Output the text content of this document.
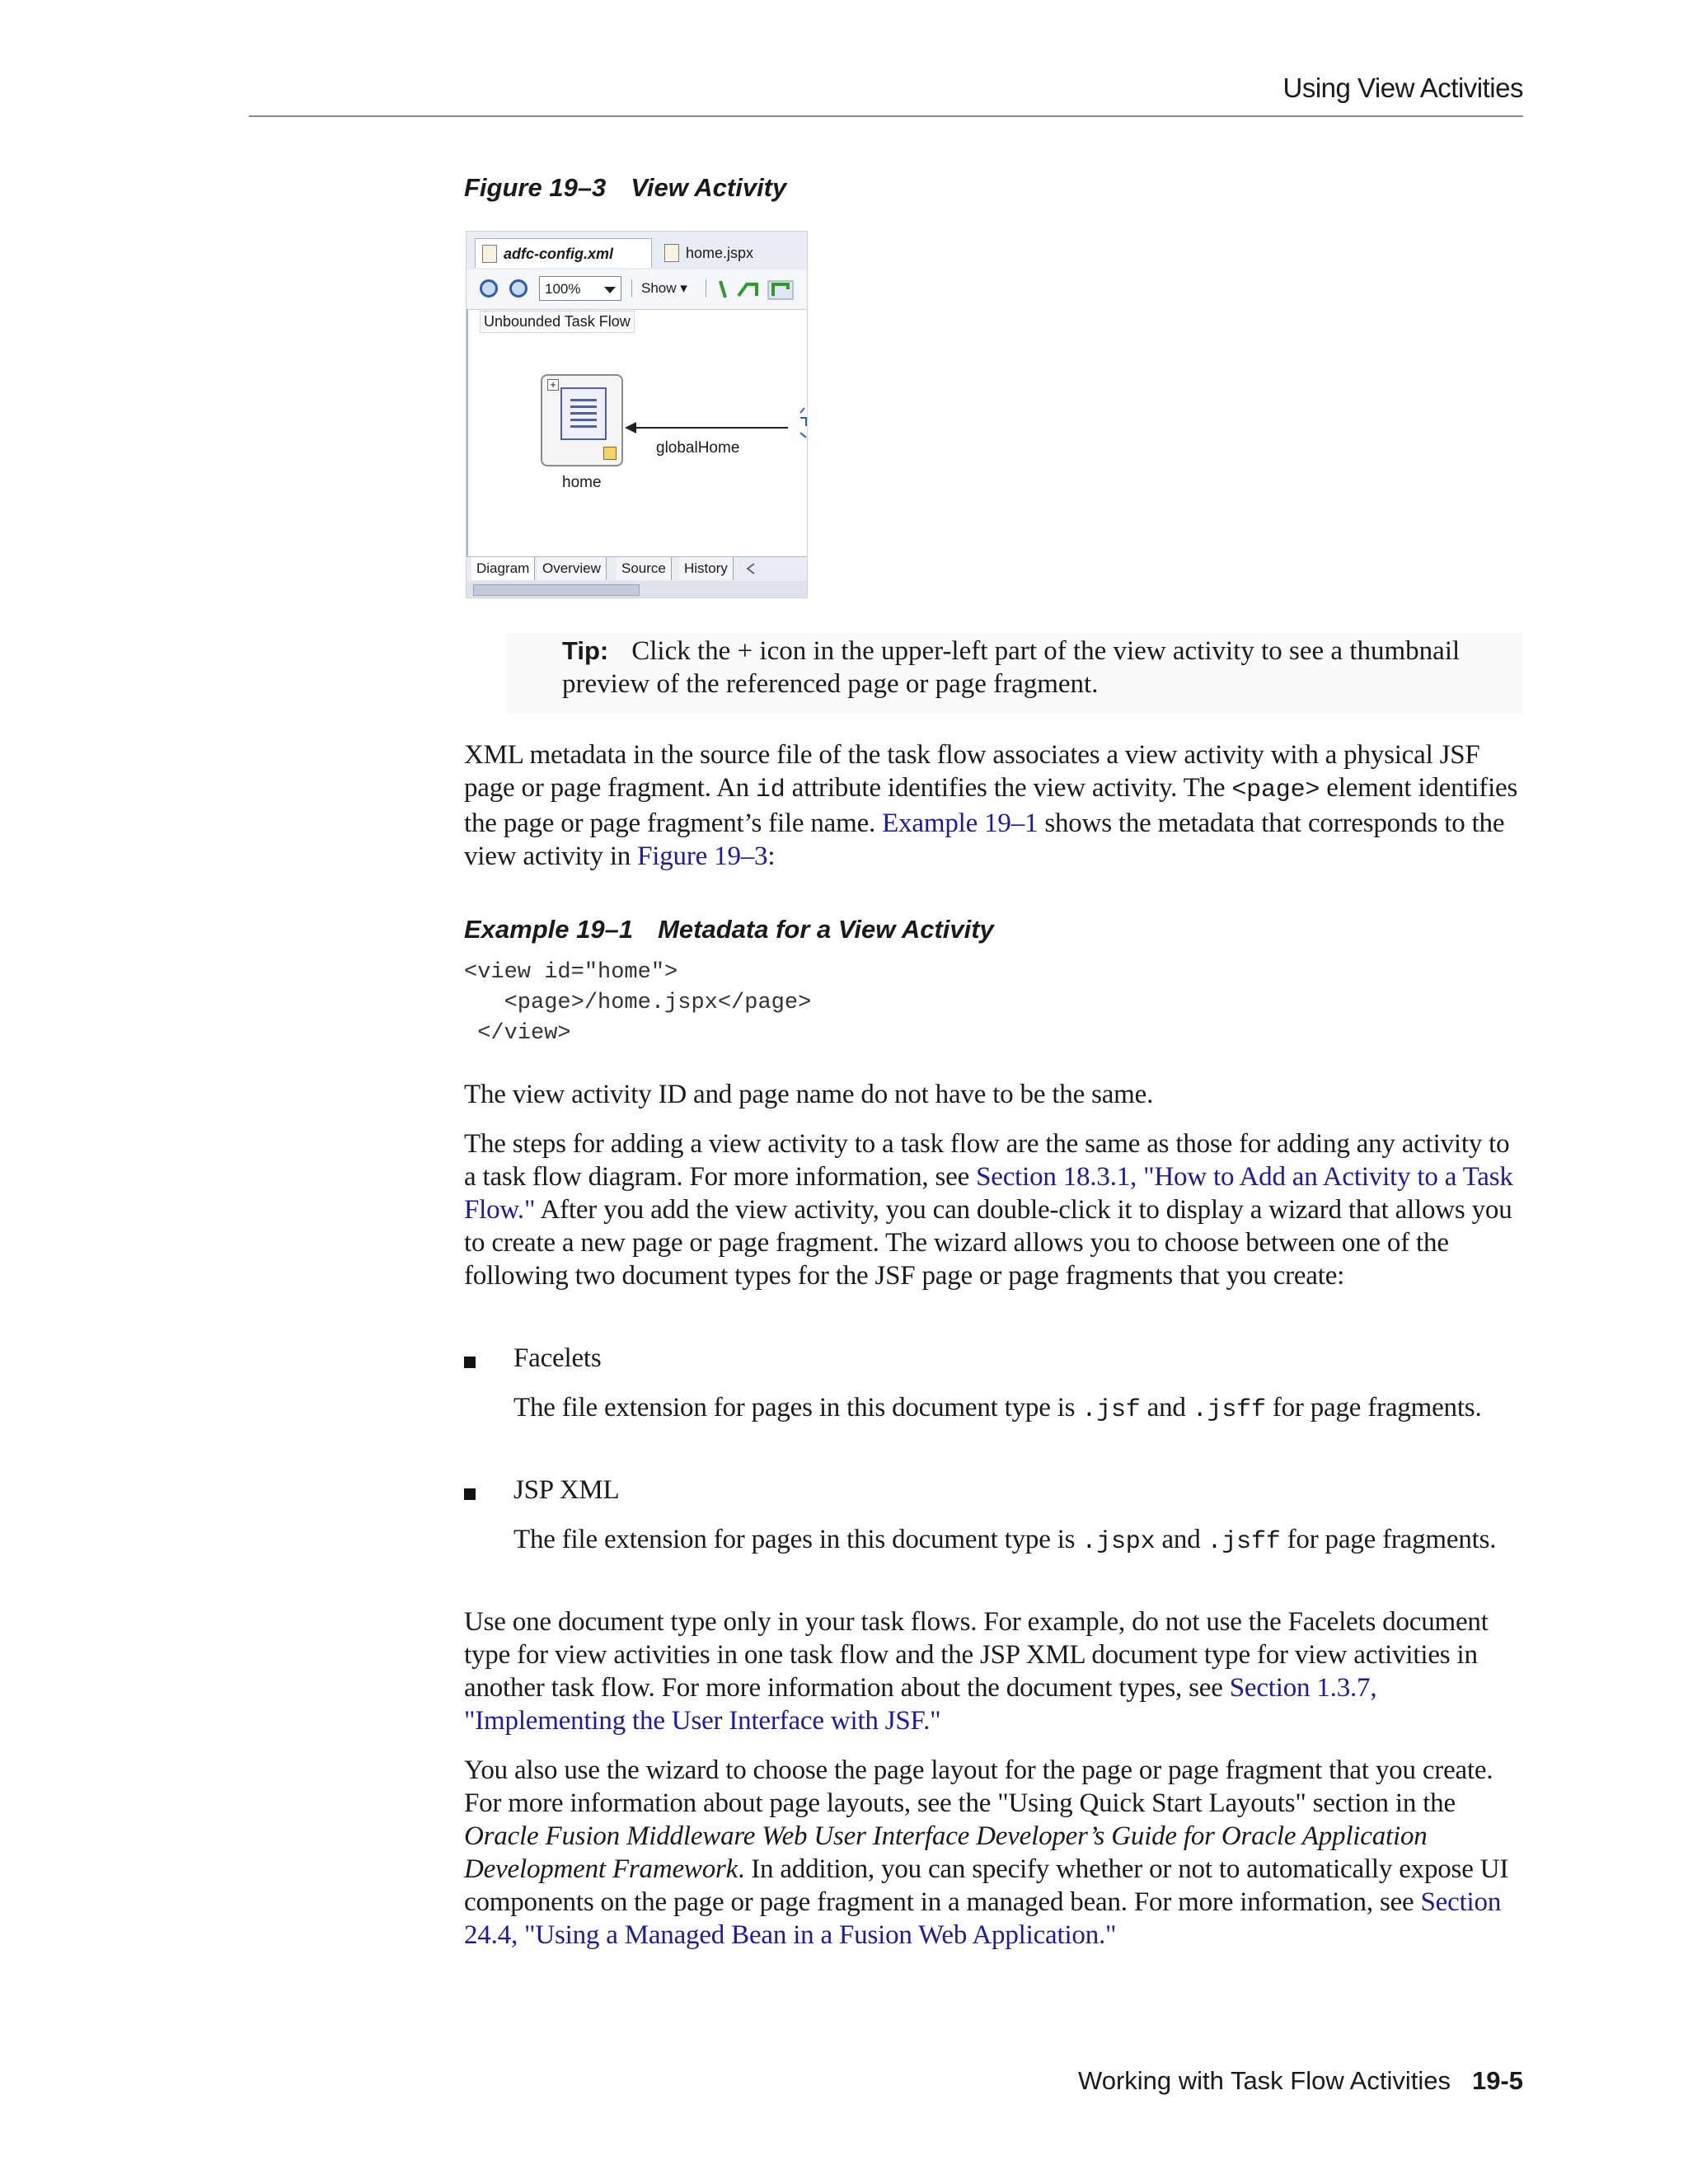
Using View Activities
Figure 19–3 View Activity
adfc-config.xml	home.jspx
100%	Show ▾
Unbounded Task Flow
+
home
globalHome
Diagram Overview	Source	History
Tip: Click the + icon in the upper-left part of the view activity to see a thumbnail preview of the referenced page or page fragment.
XML metadata in the source file of the task flow associates a view activity with a physical JSF page or page fragment. An id attribute identifies the view activity. The <page> element identifies the page or page fragment’s file name. Example 19–1 shows the metadata that corresponds to the view activity in Figure 19–3:
Example 19–1 Metadata for a View Activity
<view id="home">
<page>/home.jspx</page>
</view>
The view activity ID and page name do not have to be the same.
The steps for adding a view activity to a task flow are the same as those for adding any activity to a task flow diagram. For more information, see Section 18.3.1, "How to Add an Activity to a Task Flow." After you add the view activity, you can double-click it to display a wizard that allows you to create a new page or page fragment. The wizard allows you to choose between one of the following two document types for the JSF page or page fragments that you create:
Facelets
The file extension for pages in this document type is .jsf and .jsff for page fragments.
JSP XML
The file extension for pages in this document type is .jspx and .jsff for page fragments.
Use one document type only in your task flows. For example, do not use the Facelets document type for view activities in one task flow and the JSP XML document type for view activities in another task flow. For more information about the document types, see Section 1.3.7, "Implementing the User Interface with JSF."
You also use the wizard to choose the page layout for the page or page fragment that you create. For more information about page layouts, see the "Using Quick Start Layouts" section in the Oracle Fusion Middleware Web User Interface Developer’s Guide for Oracle Application Development Framework. In addition, you can specify whether or not to automatically expose UI components on the page or page fragment in a managed bean. For more information, see Section 24.4, "Using a Managed Bean in a Fusion Web Application."
Working with Task Flow Activities 19-5
